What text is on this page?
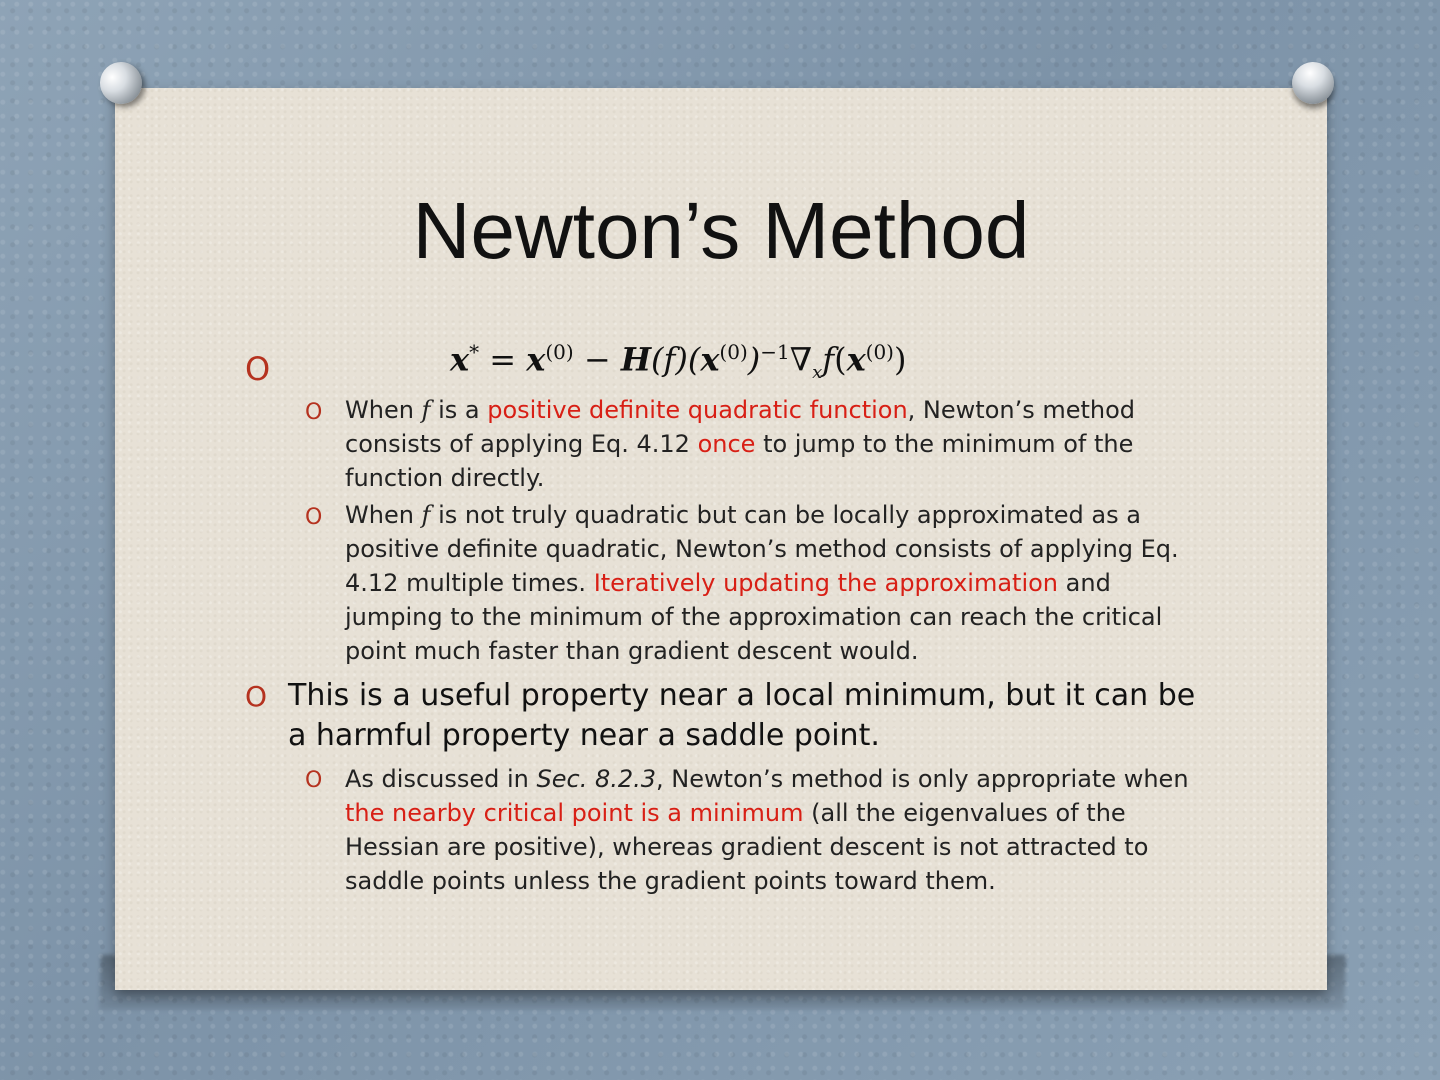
Newton’s Method
O	$x^* = x^{(0)} - H(f)(x^{(0)})^{-1}\nabla_xf(x^{(0)})$
O When f is a positive definite quadratic function, Newton’s method consists of applying Eq. 4.12 once to jump to the minimum of the function directly.
O When f is not truly quadratic but can be locally approximated as a positive definite quadratic, Newton’s method consists of applying Eq. 4.12 multiple times. Iteratively updating the approximation and jumping to the minimum of the approximation can reach the critical point much faster than gradient descent would.
O This is a useful property near a local minimum, but it can be a harmful property near a saddle point.
O As discussed in Sec. 8.2.3, Newton’s method is only appropriate when the nearby critical point is a minimum (all the eigenvalues of the Hessian are positive), whereas gradient descent is not attracted to saddle points unless the gradient points toward them.
